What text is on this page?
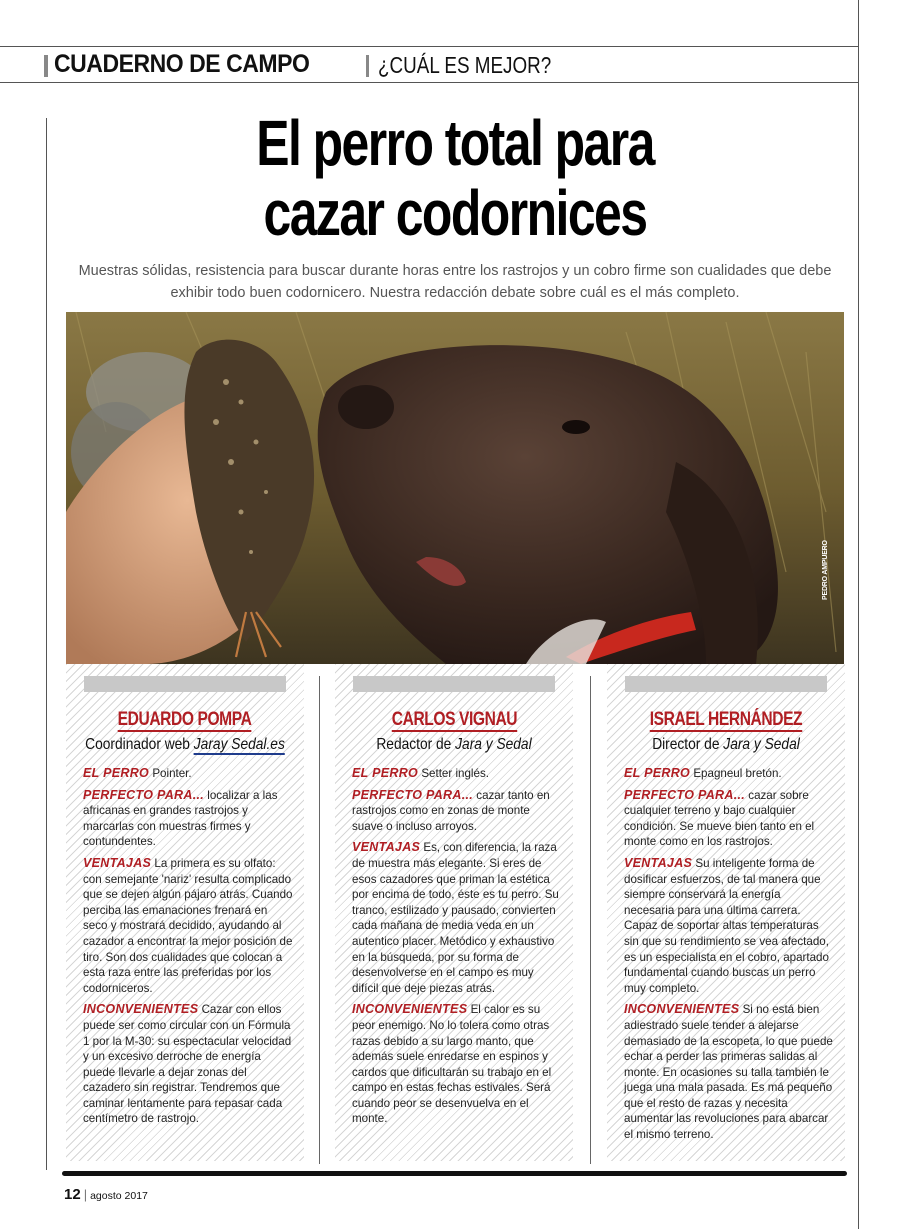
CUADERNO DE CAMPO	¿CUÁL ES MEJOR?
El perro total para
cazar codornices

Muestras sólidas, resistencia para buscar durante horas entre los rastrojos y un cobro firme son cualidades que debe exhibir todo buen codornicero. Nuestra redacción debate sobre cuál es el más completo.

PEDRO AMPUERO
EDUARDO POMPA
Coordinador web Jaray Sedal.es

EL PERRO Pointer.

PERFECTO PARA... localizar a las africanas en grandes rastrojos y marcarlas con muestras firmes y contundentes.

VENTAJAS La primera es su olfato: con semejante 'nariz' resulta complicado que se dejen algún pájaro atrás. Cuando perciba las emanaciones frenará en seco y mostrará decidido, ayudando al cazador a encontrar la mejor posición de tiro. Son dos cualidades que colocan a esta raza entre las preferidas por los codorniceros.

INCONVENIENTES Cazar con ellos puede ser como circular con un Fórmula 1 por la M-30: su espectacular velocidad y un excesivo derroche de energía puede llevarle a dejar zonas del cazadero sin registrar. Tendremos que caminar lentamente para repasar cada centímetro de rastrojo.

CARLOS VIGNAU
Redactor de Jara y Sedal

EL PERRO Setter inglés.

PERFECTO PARA... cazar tanto en rastrojos como en zonas de monte suave o incluso arroyos.

VENTAJAS Es, con diferencia, la raza de muestra más elegante. Si eres de esos cazadores que priman la estética por encima de todo, éste es tu perro. Su tranco, estilizado y pausado, convierten cada mañana de media veda en un autentico placer. Metódico y exhaustivo en la búsqueda, por su forma de desenvolverse en el campo es muy difícil que deje piezas atrás.

INCONVENIENTES El calor es su peor enemigo. No lo tolera como otras razas debido a su largo manto, que además suele enredarse en espinos y cardos que dificultarán su trabajo en el campo en estas fechas estivales. Será cuando peor se desenvuelva en el monte.

ISRAEL HERNÁNDEZ
Director de Jara y Sedal

EL PERRO Epagneul bretón.

PERFECTO PARA... cazar sobre cualquier terreno y bajo cualquier condición. Se mueve bien tanto en el monte como en los rastrojos.

VENTAJAS Su inteligente forma de dosificar esfuerzos, de tal manera que siempre conservará la energía necesaria para una última carrera. Capaz de soportar altas temperaturas sin que su rendimiento se vea afectado, es un especialista en el cobro, apartado fundamental cuando buscas un perro muy completo.

INCONVENIENTES Si no está bien adiestrado suele tender a alejarse demasiado de la escopeta, lo que puede echar a perder las primeras salidas al monte. En ocasiones su talla también le juega una mala pasada. Es má pequeño que el resto de razas y necesita aumentar las revoluciones para abarcar el mismo terreno.

12 | agosto 2017
